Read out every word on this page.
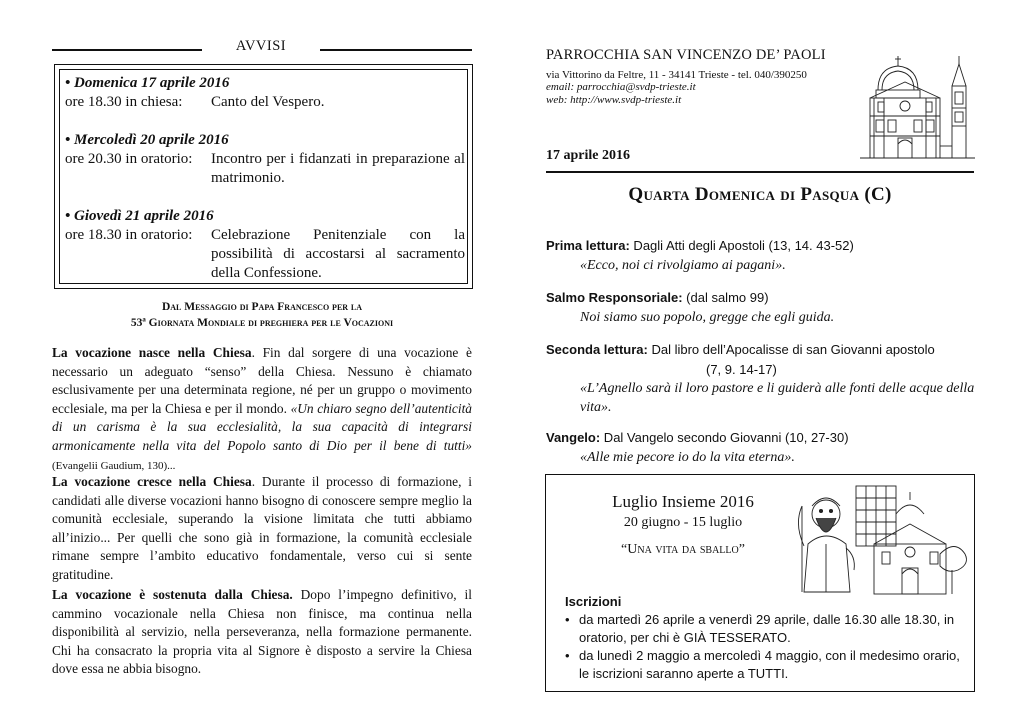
AVVISI
• Domenica 17 aprile 2016
ore 18.30 in chiesa:	Canto del Vespero.
• Mercoledì 20 aprile 2016
ore 20.30 in oratorio:	Incontro per i fidanzati in preparazione al matrimonio.
• Giovedì 21 aprile 2016
ore 18.30 in oratorio:	Celebrazione Penitenziale con la possibilità di accostarsi al sacramento della Confessione.
Dal Messaggio di Papa Francesco per la
53ª Giornata Mondiale di preghiera per le Vocazioni
La vocazione nasce nella Chiesa. Fin dal sorgere di una vocazione è necessario un adeguato “senso” della Chiesa. Nessuno è chiamato esclusivamente per una determinata regione, né per un gruppo o movimento ecclesiale, ma per la Chiesa e per il mondo. «Un chiaro segno dell’autenticità di un carisma è la sua ecclesialità, la sua capacità di integrarsi armonicamente nella vita del Popolo santo di Dio per il bene di tutti» (Evangelii Gaudium, 130)...
La vocazione cresce nella Chiesa. Durante il processo di formazione, i candidati alle diverse vocazioni hanno bisogno di conoscere sempre meglio la comunità ecclesiale, superando la visione limitata che tutti abbiamo all’inizio... Per quelli che sono già in formazione, la comunità ecclesiale rimane sempre l’ambito educativo fondamentale, verso cui si sente gratitudine.
La vocazione è sostenuta dalla Chiesa. Dopo l’impegno definitivo, il cammino vocazionale nella Chiesa non finisce, ma continua nella disponibilità al servizio, nella perseveranza, nella formazione permanente. Chi ha consacrato la propria vita al Signore è disposto a servire la Chiesa dove essa ne abbia bisogno.
PARROCCHIA SAN VINCENZO DE’ PAOLI
via Vittorino da Feltre, 11 - 34141 Trieste - tel. 040/390250
email: parrocchia@svdp-trieste.it
web: http://www.svdp-trieste.it
17 aprile 2016
Quarta Domenica di Pasqua (C)
Prima lettura: Dagli Atti degli Apostoli (13, 14. 43-52)
«Ecco, noi ci rivolgiamo ai pagani».
Salmo Responsoriale: (dal salmo 99)
Noi siamo suo popolo, gregge che egli guida.
Seconda lettura: Dal libro dell’Apocalisse di san Giovanni apostolo
(7, 9. 14-17)
«L’Agnello sarà il loro pastore e li guiderà alle fonti delle acque della vita».
Vangelo: Dal Vangelo secondo Giovanni (10, 27-30)
«Alle mie pecore io do la vita eterna».
Luglio Insieme 2016
20 giugno - 15 luglio
“Una vita da sballo”
Iscrizioni
• da martedì 26 aprile a venerdì 29 aprile, dalle 16.30 alle 18.30, in oratorio, per chi è GIÀ TESSERATO.
• da lunedì 2 maggio a mercoledì 4 maggio, con il medesimo orario, le iscrizioni saranno aperte a TUTTI.
